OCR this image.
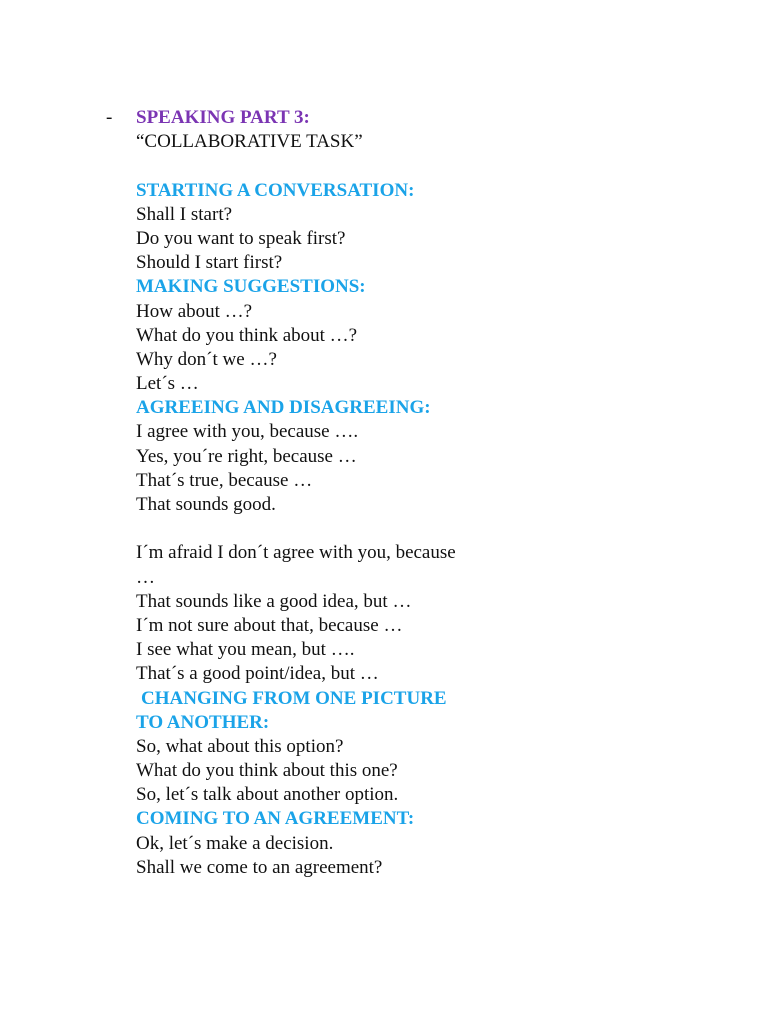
- SPEAKING PART 3:
“COLLABORATIVE TASK”
STARTING A CONVERSATION:
Shall I start?
Do you want to speak first?
Should I start first?
MAKING SUGGESTIONS:
How about …?
What do you think about …?
Why don´t we …?
Let´s …
AGREEING AND DISAGREEING:
I agree with you, because ….
Yes, you´re right, because …
That´s true, because …
That sounds good.
I´m afraid I don´t agree with you, because
…
That sounds like a good idea, but …
I´m not sure about that, because …
I see what you mean, but ….
That´s a good point/idea, but …
CHANGING FROM ONE PICTURE
TO ANOTHER:
So, what about this option?
What do you think about this one?
So, let´s talk about another option.
COMING TO AN AGREEMENT:
Ok, let´s make a decision.
Shall we come to an agreement?
